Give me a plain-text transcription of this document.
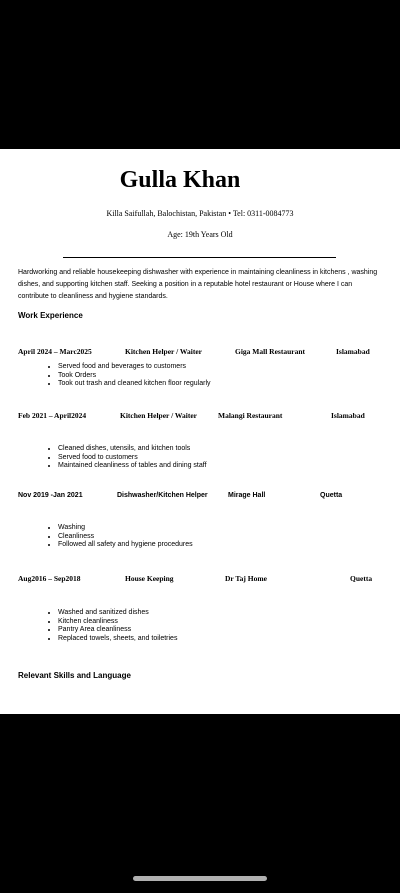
Gulla Khan
Killa Saifullah, Balochistan, Pakistan • Tel: 0311-0084773
Age: 19th Years Old
Hardworking and reliable housekeeping dishwasher with experience in maintaining cleanliness in kitchens , washing dishes, and supporting kitchen staff. Seeking a position in a reputable hotel restaurant or House where I can contribute to cleanliness and hygiene standards.
Work Experience
April 2024 – Marc2025	Kitchen Helper / Waiter	Giga Mall Restaurant	Islamabad
• Served food and beverages to customers
• Took Orders
• Took out trash and cleaned kitchen floor regularly
Feb 2021 – April2024	Kitchen Helper / Waiter	Malangi Restaurant	Islamabad
• Cleaned dishes, utensils, and kitchen tools
• Served food to customers
• Maintained cleanliness of tables and dining staff
Nov 2019 -Jan 2021	Dishwasher/Kitchen Helper	Mirage Hall	Quetta
• Washing
• Cleanliness
• Followed all safety and hygiene procedures
Aug2016 – Sep2018	House Keeping	Dr Taj Home	Quetta
• Washed and sanitized dishes
• Kitchen cleanliness
• Pantry Area cleanliness
• Replaced towels, sheets, and toiletries
Relevant Skills and Language
